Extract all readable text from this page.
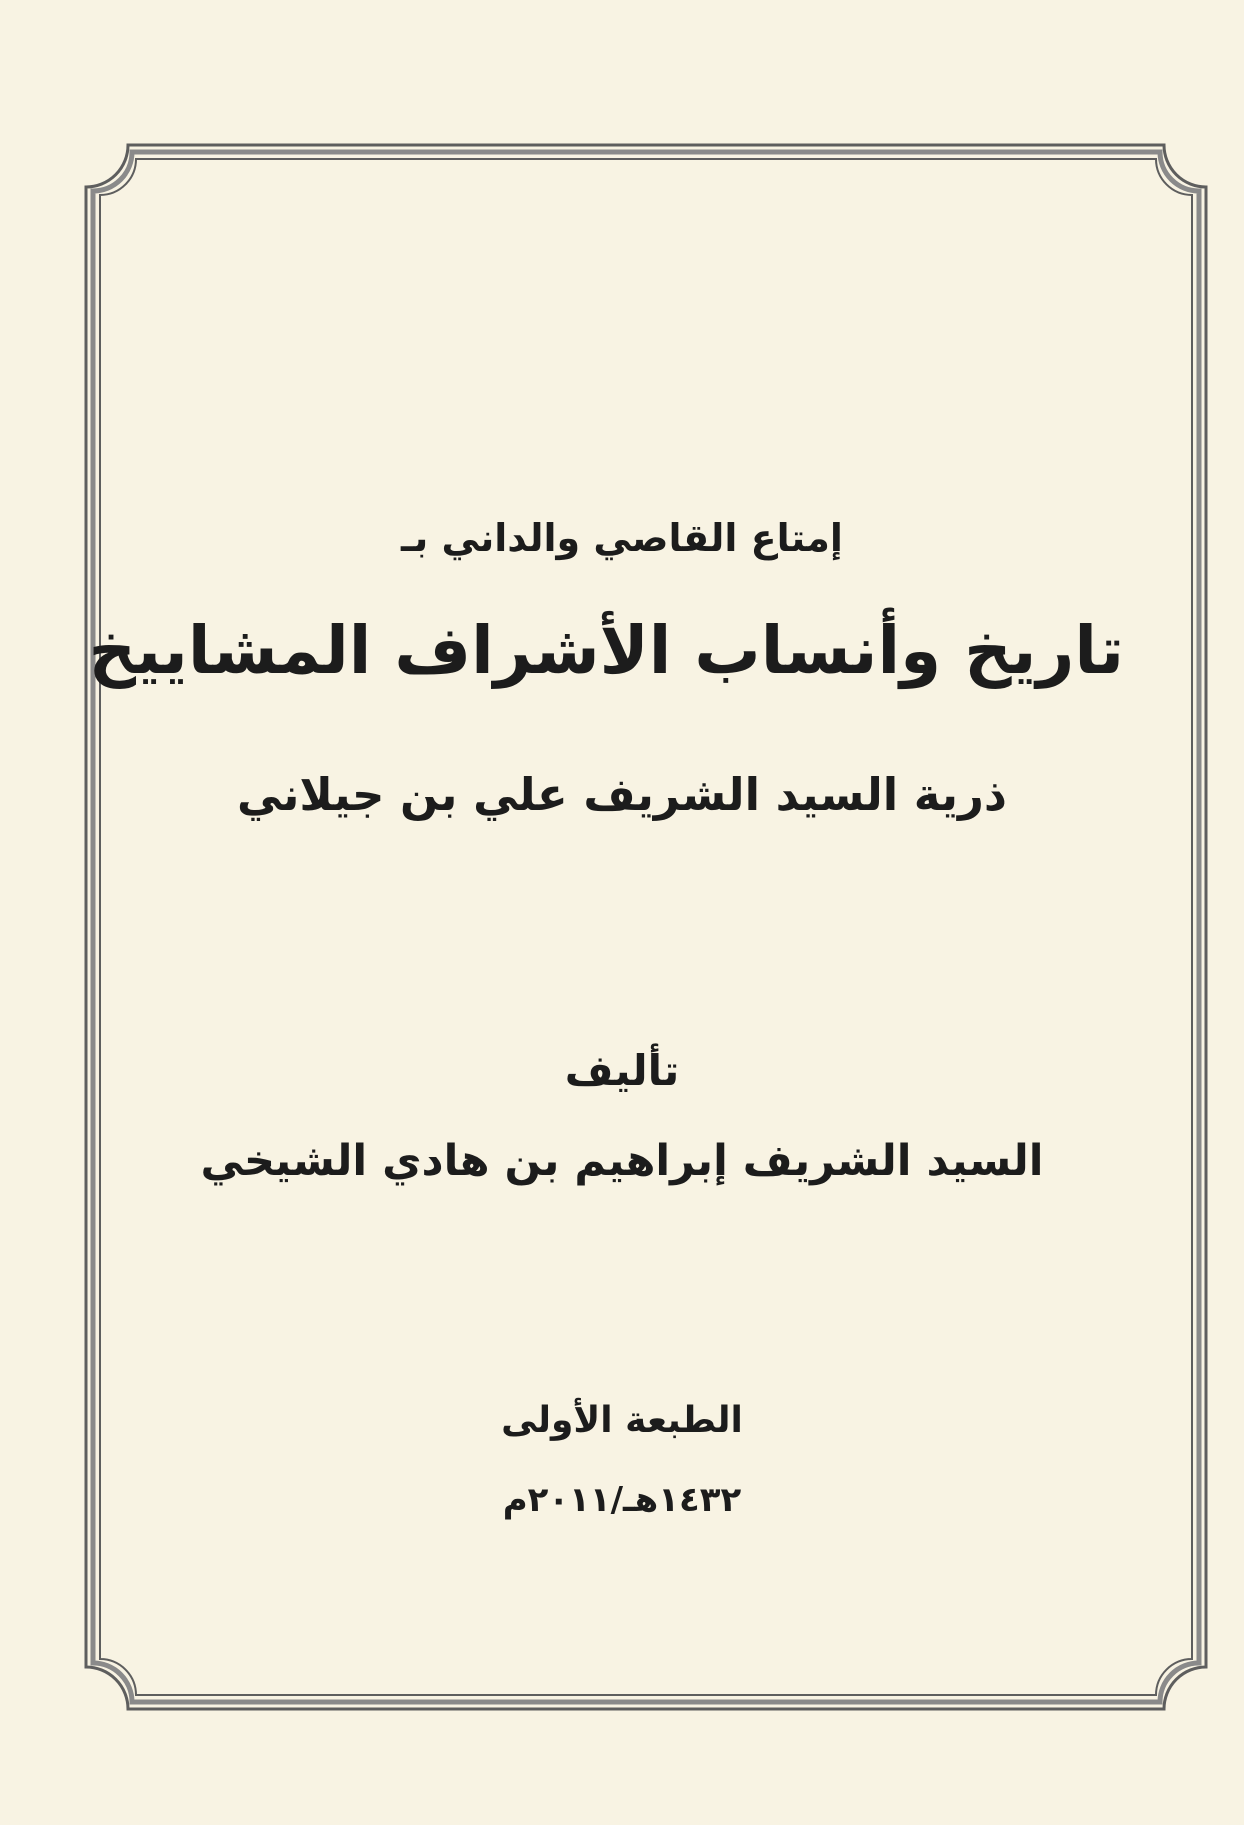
إمتاع القاصي والداني بـ
تاريخ وأنساب الأشراف المشاييخ
ذرية السيد الشريف علي بن جيلاني
تأليف
السيد الشريف إبراهيم بن هادي الشيخي
الطبعة الأولى
١٤٣٢هـ/٢٠١١م
